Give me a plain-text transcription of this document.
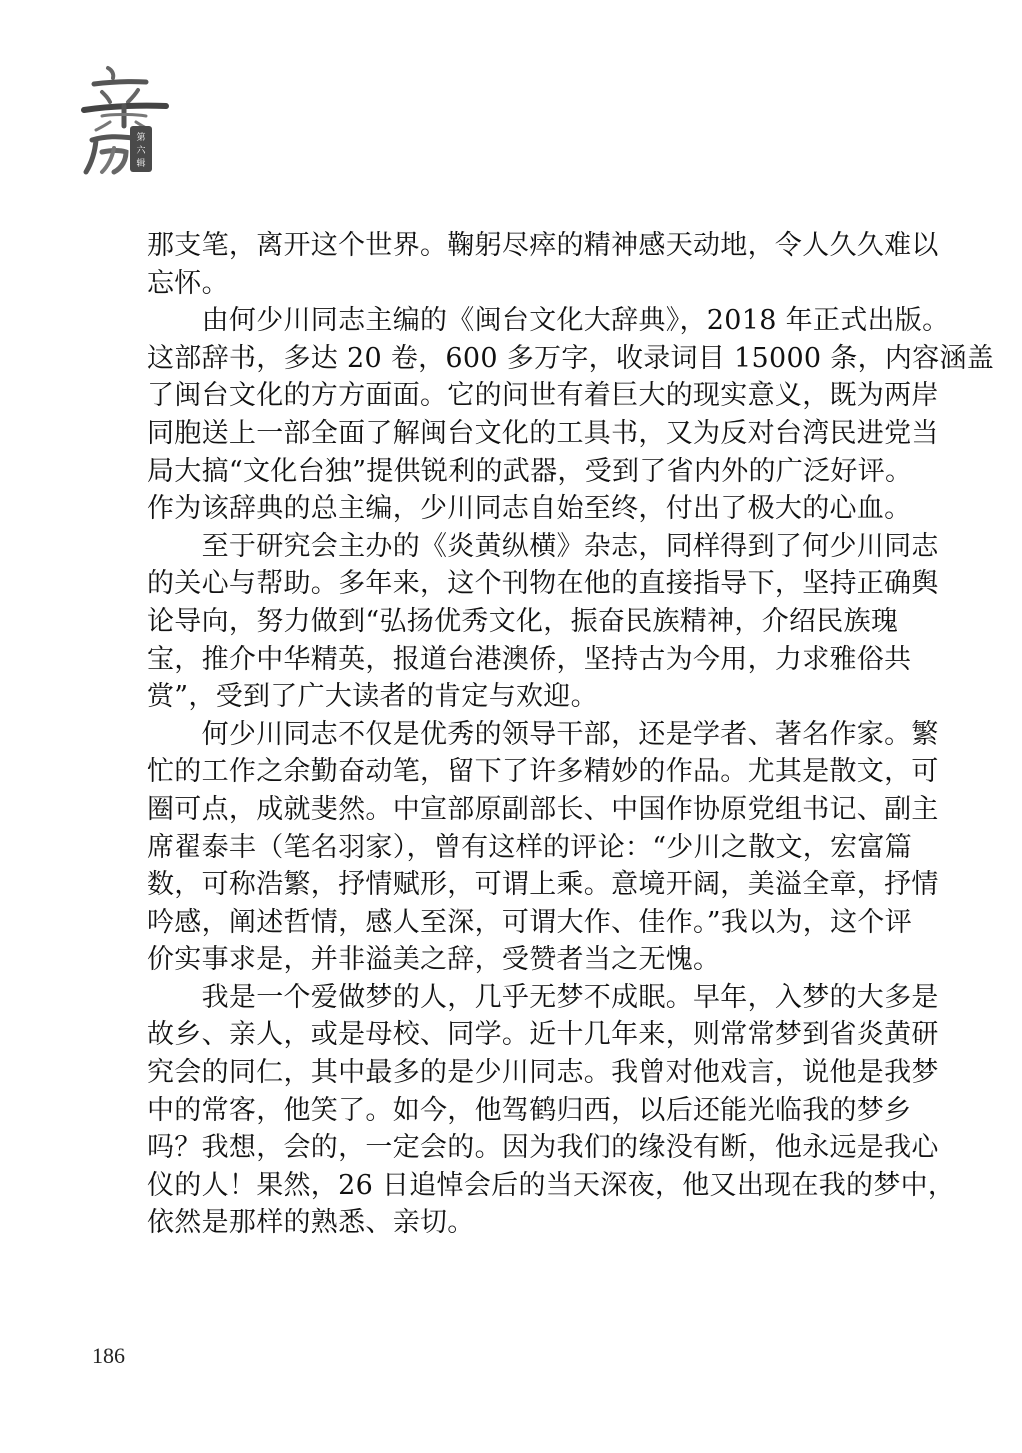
第
六
辑

那支笔，离开这个世界。鞠躬尽瘁的精神感天动地，令人久久难以
忘怀。

　　由何少川同志主编的《闽台文化大辞典》，2018 年正式出版。
这部辞书，多达 20 卷，600 多万字，收录词目 15000 条，内容涵盖
了闽台文化的方方面面。它的问世有着巨大的现实意义，既为两岸
同胞送上一部全面了解闽台文化的工具书，又为反对台湾民进党当
局大搞“文化台独”提供锐利的武器，受到了省内外的广泛好评。
作为该辞典的总主编，少川同志自始至终，付出了极大的心血。

　　至于研究会主办的《炎黄纵横》杂志，同样得到了何少川同志
的关心与帮助。多年来，这个刊物在他的直接指导下，坚持正确舆
论导向，努力做到“弘扬优秀文化，振奋民族精神，介绍民族瑰
宝，推介中华精英，报道台港澳侨，坚持古为今用，力求雅俗共
赏”，受到了广大读者的肯定与欢迎。

　　何少川同志不仅是优秀的领导干部，还是学者、著名作家。繁
忙的工作之余勤奋动笔，留下了许多精妙的作品。尤其是散文，可
圈可点，成就斐然。中宣部原副部长、中国作协原党组书记、副主
席翟泰丰（笔名羽家），曾有这样的评论：“少川之散文，宏富篇
数，可称浩繁，抒情赋形，可谓上乘。意境开阔，美溢全章，抒情
吟感，阐述哲情，感人至深，可谓大作、佳作。”我以为，这个评
价实事求是，并非溢美之辞，受赞者当之无愧。

　　我是一个爱做梦的人，几乎无梦不成眠。早年，入梦的大多是
故乡、亲人，或是母校、同学。近十几年来，则常常梦到省炎黄研
究会的同仁，其中最多的是少川同志。我曾对他戏言，说他是我梦
中的常客，他笑了。如今，他驾鹤归西，以后还能光临我的梦乡
吗？我想，会的，一定会的。因为我们的缘没有断，他永远是我心
仪的人！果然，26 日追悼会后的当天深夜，他又出现在我的梦中，
依然是那样的熟悉、亲切。

186
